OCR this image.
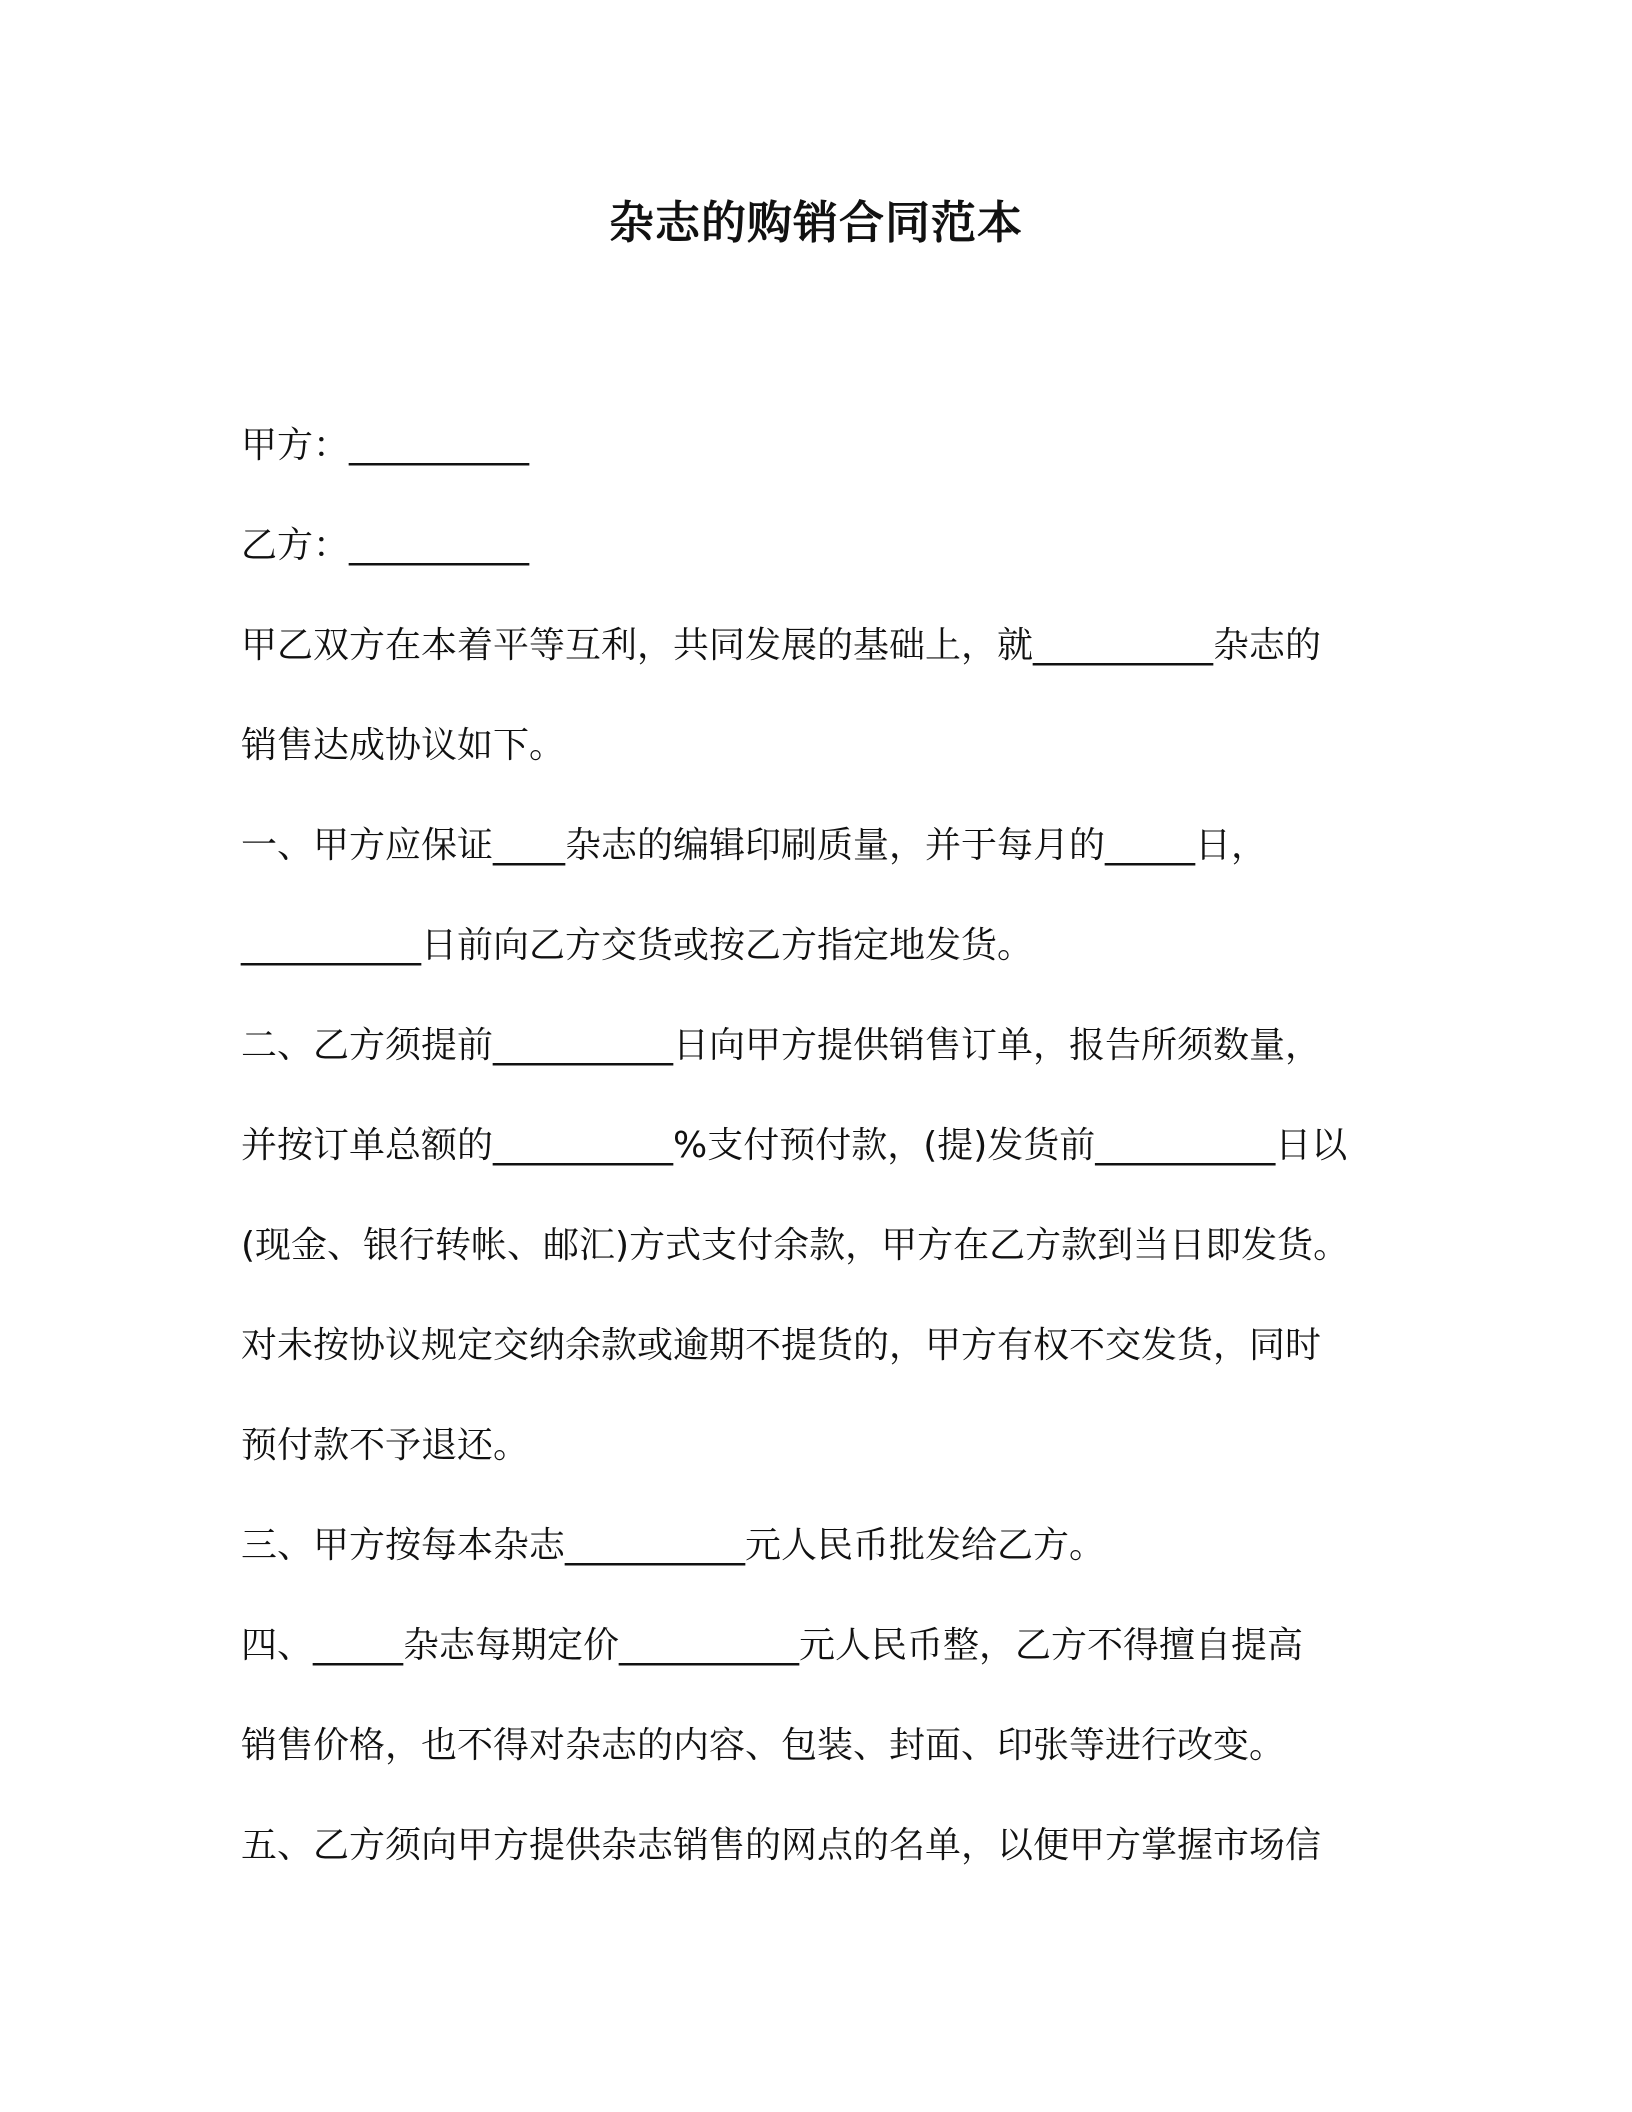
杂志的购销合同范本
甲方：__________
乙方：__________
甲乙双方在本着平等互利，共同发展的基础上，就__________杂志的
销售达成协议如下。
一、甲方应保证____杂志的编辑印刷质量，并于每月的_____日，
__________日前向乙方交货或按乙方指定地发货。
二、乙方须提前__________日向甲方提供销售订单，报告所须数量，
并按订单总额的__________%支付预付款，(提)发货前__________日以
(现金、银行转帐、邮汇)方式支付余款，甲方在乙方款到当日即发货。
对未按协议规定交纳余款或逾期不提货的，甲方有权不交发货，同时
预付款不予退还。
三、甲方按每本杂志__________元人民币批发给乙方。
四、_____杂志每期定价__________元人民币整，乙方不得擅自提高
销售价格，也不得对杂志的内容、包装、封面、印张等进行改变。
五、乙方须向甲方提供杂志销售的网点的名单，以便甲方掌握市场信
